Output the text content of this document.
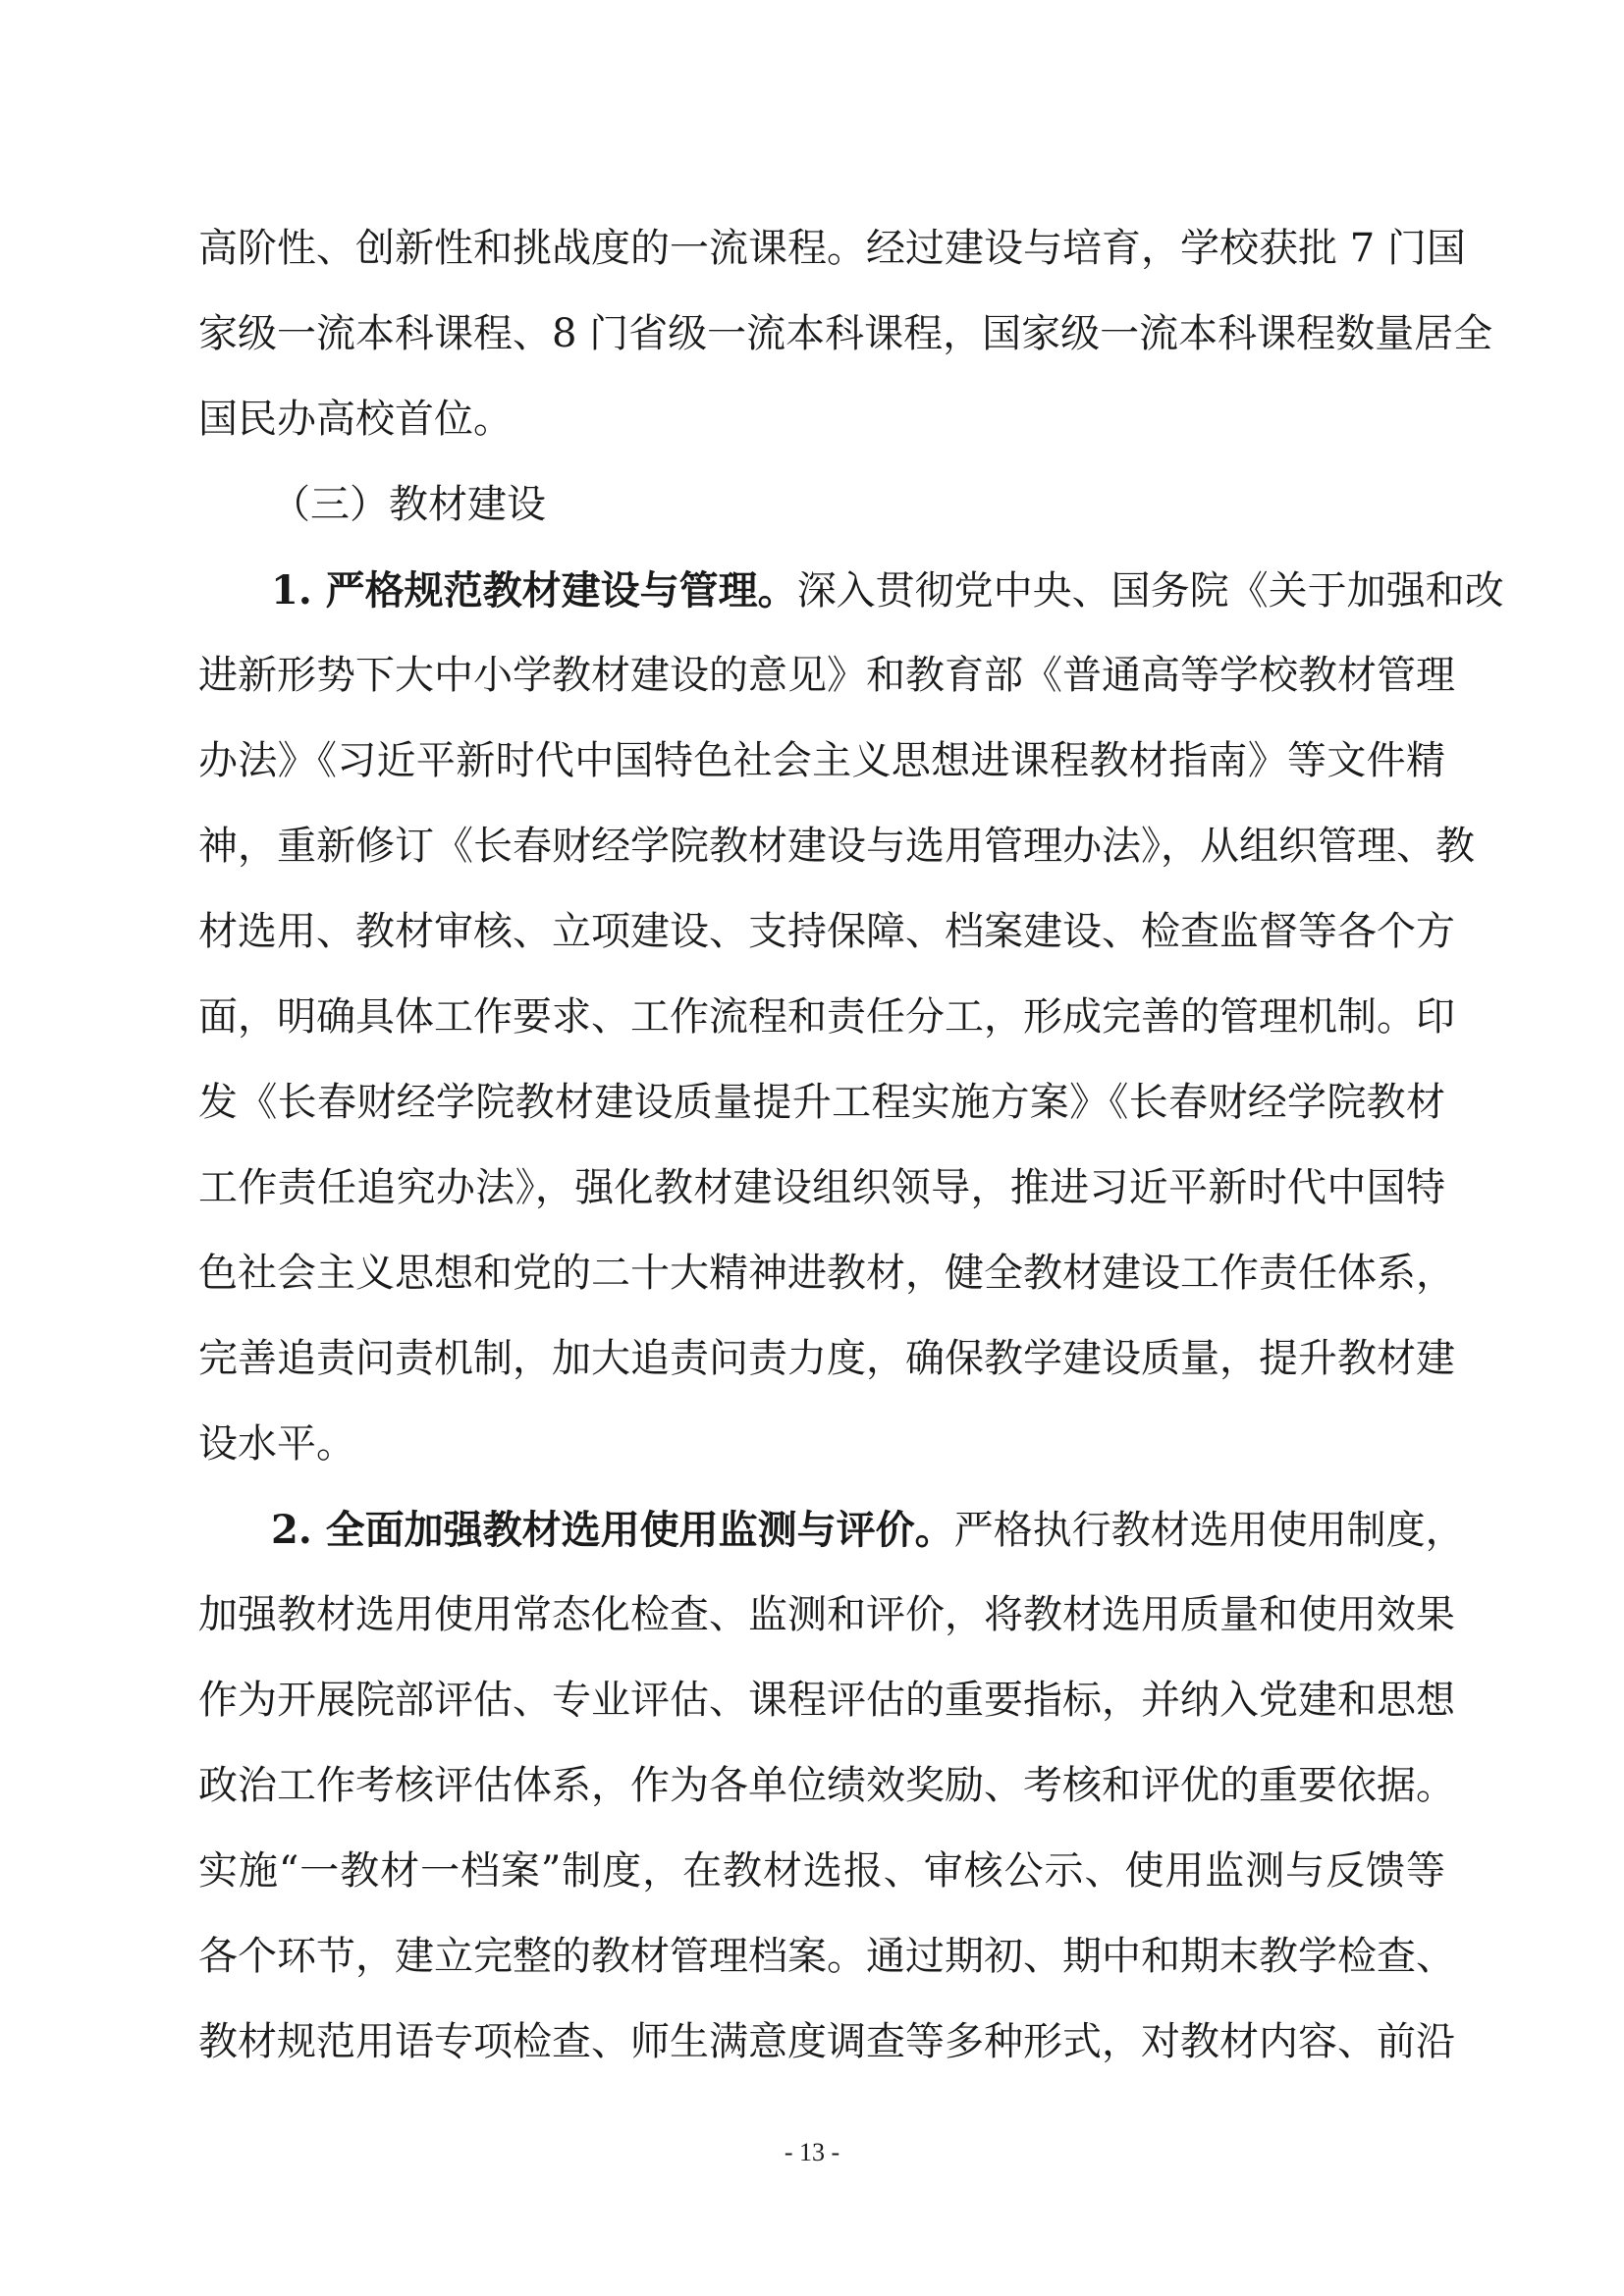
高阶性、创新性和挑战度的一流课程。经过建设与培育，学校获批 7 门国
家级一流本科课程、8 门省级一流本科课程，国家级一流本科课程数量居全
国民办高校首位。
（三）教材建设
1. 严格规范教材建设与管理。深入贯彻党中央、国务院《关于加强和改
进新形势下大中小学教材建设的意见》和教育部《普通高等学校教材管理
办法》《习近平新时代中国特色社会主义思想进课程教材指南》等文件精
神，重新修订《长春财经学院教材建设与选用管理办法》，从组织管理、教
材选用、教材审核、立项建设、支持保障、档案建设、检查监督等各个方
面，明确具体工作要求、工作流程和责任分工，形成完善的管理机制。印
发《长春财经学院教材建设质量提升工程实施方案》《长春财经学院教材
工作责任追究办法》，强化教材建设组织领导，推进习近平新时代中国特
色社会主义思想和党的二十大精神进教材，健全教材建设工作责任体系，
完善追责问责机制，加大追责问责力度，确保教学建设质量，提升教材建
设水平。
2. 全面加强教材选用使用监测与评价。严格执行教材选用使用制度，
加强教材选用使用常态化检查、监测和评价，将教材选用质量和使用效果
作为开展院部评估、专业评估、课程评估的重要指标，并纳入党建和思想
政治工作考核评估体系，作为各单位绩效奖励、考核和评优的重要依据。
实施“一教材一档案”制度，在教材选报、审核公示、使用监测与反馈等
各个环节，建立完整的教材管理档案。通过期初、期中和期末教学检查、
教材规范用语专项检查、师生满意度调查等多种形式，对教材内容、前沿
- 13 -
